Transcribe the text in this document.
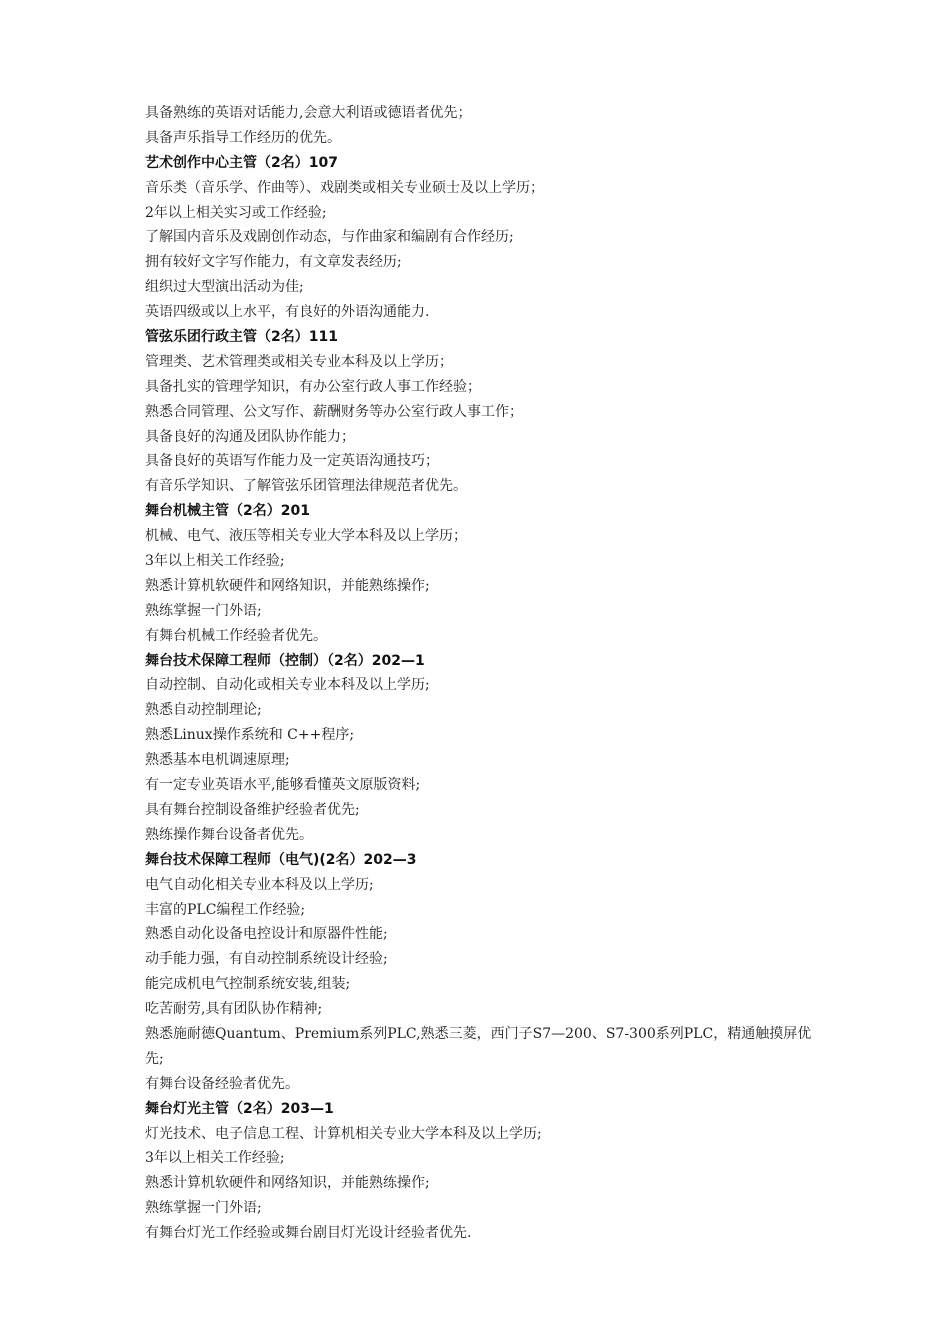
具备熟练的英语对话能力,会意大利语或德语者优先；
具备声乐指导工作经历的优先。
艺术创作中心主管（2名）107
音乐类（音乐学、作曲等）、戏剧类或相关专业硕士及以上学历；
2年以上相关实习或工作经验;
了解国内音乐及戏剧创作动态，与作曲家和编剧有合作经历;
拥有较好文字写作能力，有文章发表经历;
组织过大型演出活动为佳;
英语四级或以上水平，有良好的外语沟通能力.
管弦乐团行政主管（2名）111
管理类、艺术管理类或相关专业本科及以上学历；
具备扎实的管理学知识，有办公室行政人事工作经验；
熟悉合同管理、公文写作、薪酬财务等办公室行政人事工作；
具备良好的沟通及团队协作能力；
具备良好的英语写作能力及一定英语沟通技巧；
有音乐学知识、了解管弦乐团管理法律规范者优先。
舞台机械主管（2名）201
机械、电气、液压等相关专业大学本科及以上学历；
3年以上相关工作经验;
熟悉计算机软硬件和网络知识，并能熟练操作;
熟练掌握一门外语;
有舞台机械工作经验者优先。
舞台技术保障工程师（控制）（2名）202—1
自动控制、自动化或相关专业本科及以上学历;
熟悉自动控制理论;
熟悉Linux操作系统和 C++程序;
熟悉基本电机调速原理;
有一定专业英语水平,能够看懂英文原版资料;
具有舞台控制设备维护经验者优先;
熟练操作舞台设备者优先。
舞台技术保障工程师（电气)(2名）202—3
电气自动化相关专业本科及以上学历;
丰富的PLC编程工作经验;
熟悉自动化设备电控设计和原器件性能;
动手能力强，有自动控制系统设计经验;
能完成机电气控制系统安装,组装;
吃苦耐劳,具有团队协作精神;
熟悉施耐德Quantum、Premium系列PLC,熟悉三菱，西门子S7—200、S7-300系列PLC，精通触摸屏优先;
有舞台设备经验者优先。
舞台灯光主管（2名）203—1
灯光技术、电子信息工程、计算机相关专业大学本科及以上学历;
3年以上相关工作经验;
熟悉计算机软硬件和网络知识，并能熟练操作;
熟练掌握一门外语;
有舞台灯光工作经验或舞台剧目灯光设计经验者优先.
